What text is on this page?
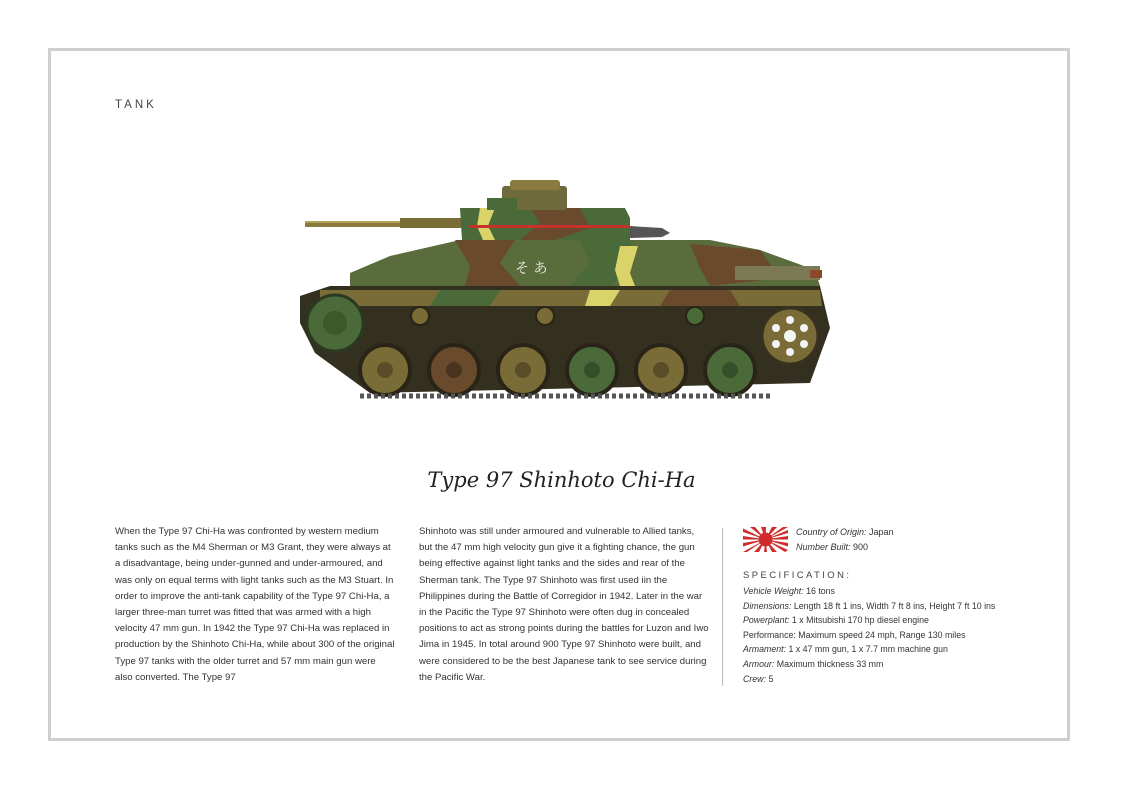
TANK
そ あ
Type 97 Shinhoto Chi-Ha
When the Type 97 Chi-Ha was confronted by western medium tanks such as the M4 Sherman or M3 Grant, they were always at a disadvantage, being under-gunned and under-armoured, and was only on equal terms with light tanks such as the M3 Stuart. In order to improve the anti-tank capability of the Type 97 Chi-Ha, a larger three-man turret was fitted that was armed with a high velocity 47 mm gun. In 1942 the Type 97 Chi-Ha was replaced in production by the Shinhoto Chi-Ha, while about 300 of the original Type 97 tanks with the older turret and 57 mm main gun were also converted. The Type 97
Shinhoto was still under armoured and vulnerable to Allied tanks, but the 47 mm high velocity gun give it a fighting chance, the gun being effective against light tanks and the sides and rear of the Sherman tank. The Type 97 Shinhoto was first used iin the Philippines during the Battle of Corregidor in 1942. Later in the war in the Pacific the Type 97 Shinhoto were often dug in concealed positions to act as strong points during the battles for Luzon and Iwo Jima in 1945. In total around 900 Type 97 Shinhoto were built, and were considered to be the best Japanese tank to see service during the Pacific War.
Country of Origin: Japan
Number Built: 900
SPECIFICATION:
Vehicle Weight: 16 tons
Dimensions: Length 18 ft 1 ins, Width 7 ft 8 ins, Height 7 ft 10 ins
Powerplant: 1 x Mitsubishi 170 hp diesel engine
Performance: Maximum speed 24 mph, Range 130 miles
Armament: 1 x 47 mm gun, 1 x 7.7 mm machine gun
Armour: Maximum thickness 33 mm
Crew: 5
